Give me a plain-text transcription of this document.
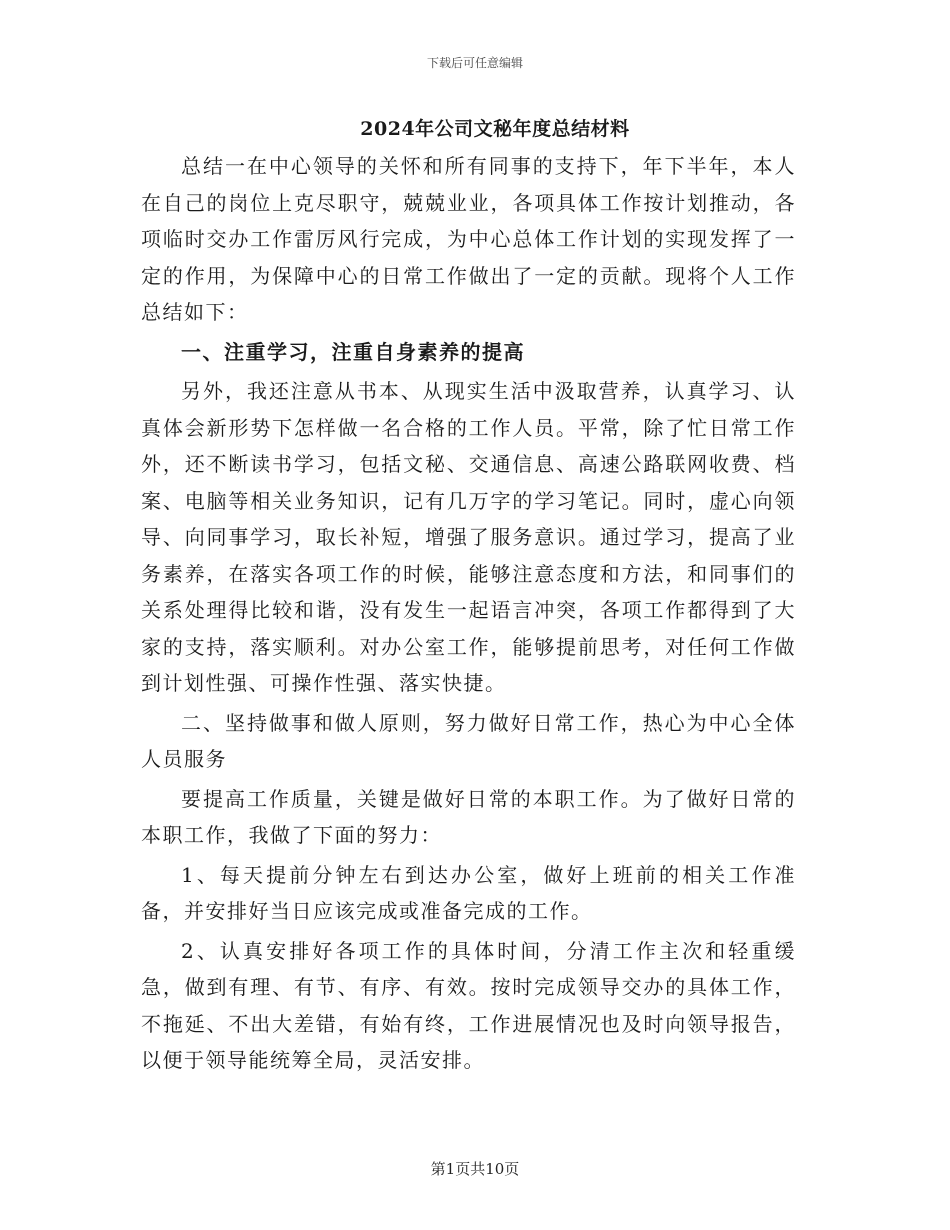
下载后可任意编辑
2024年公司文秘年度总结材料

总结一在中心领导的关怀和所有同事的支持下，年下半年，本人在自己的岗位上克尽职守，兢兢业业，各项具体工作按计划推动，各项临时交办工作雷厉风行完成，为中心总体工作计划的实现发挥了一定的作用，为保障中心的日常工作做出了一定的贡献。现将个人工作总结如下：

一、注重学习，注重自身素养的提高

另外，我还注意从书本、从现实生活中汲取营养，认真学习、认真体会新形势下怎样做一名合格的工作人员。平常，除了忙日常工作外，还不断读书学习，包括文秘、交通信息、高速公路联网收费、档案、电脑等相关业务知识，记有几万字的学习笔记。同时，虚心向领导、向同事学习，取长补短，增强了服务意识。通过学习，提高了业务素养，在落实各项工作的时候，能够注意态度和方法，和同事们的关系处理得比较和谐，没有发生一起语言冲突，各项工作都得到了大家的支持，落实顺利。对办公室工作，能够提前思考，对任何工作做到计划性强、可操作性强、落实快捷。

二、坚持做事和做人原则，努力做好日常工作，热心为中心全体人员服务

要提高工作质量，关键是做好日常的本职工作。为了做好日常的本职工作，我做了下面的努力：

1、每天提前分钟左右到达办公室，做好上班前的相关工作准备，并安排好当日应该完成或准备完成的工作。

2、认真安排好各项工作的具体时间，分清工作主次和轻重缓急，做到有理、有节、有序、有效。按时完成领导交办的具体工作，不拖延、不出大差错，有始有终，工作进展情况也及时向领导报告，以便于领导能统筹全局，灵活安排。

第1页共10页
